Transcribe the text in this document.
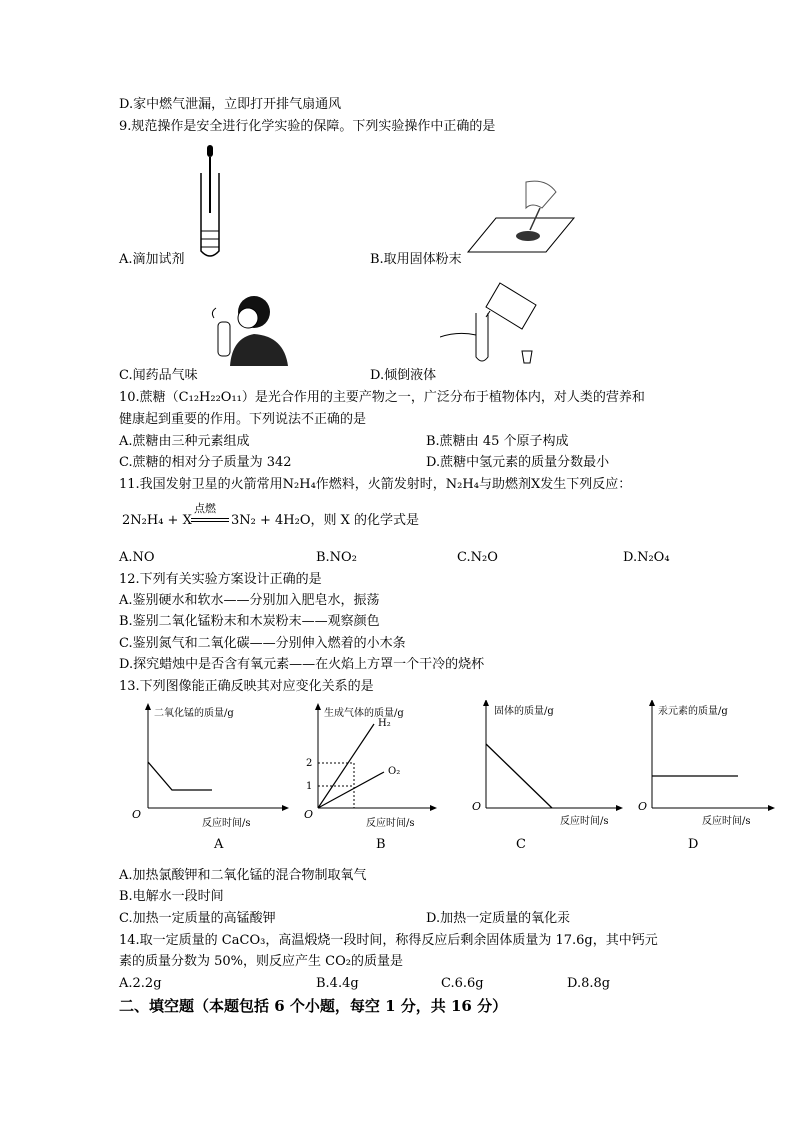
D.家中燃气泄漏，立即打开排气扇通风
9.规范操作是安全进行化学实验的保障。下列实验操作中正确的是
A.滴加试剂	B.取用固体粉末
C.闻药品气味	D.倾倒液体
10.蔗糖（C₁₂H₂₂O₁₁）是光合作用的主要产物之一，广泛分布于植物体内，对人类的营养和
健康起到重要的作用。下列说法不正确的是
A.蔗糖由三种元素组成	B.蔗糖由 45 个原子构成
C.蔗糖的相对分子质量为 342	D.蔗糖中氢元素的质量分数最小
11.我国发射卫星的火箭常用N₂H₄作燃料，火箭发射时，N₂H₄与助燃剂X发生下列反应：
2N₂H₄ + X
点燃
3N₂ + 4H₂O，则 X 的化学式是
A.NO	B.NO₂	C.N₂O	D.N₂O₄
12.下列有关实验方案设计正确的是
A.鉴别硬水和软水——分别加入肥皂水，振荡
B.鉴别二氧化锰粉末和木炭粉末——观察颜色
C.鉴别氮气和二氧化碳——分别伸入燃着的小木条
D.探究蜡烛中是否含有氧元素——在火焰上方罩一个干冷的烧杯
13.下列图像能正确反映其对应变化关系的是
二氧化锰的质量/g
反应时间/s
O
A
生成气体的质量/g
反应时间/s
O
2
1
H₂
O₂
B
固体的质量/g
反应时间/s
O
C
汞元素的质量/g
反应时间/s
O
D
A.加热氯酸钾和二氧化锰的混合物制取氧气
B.电解水一段时间
C.加热一定质量的高锰酸钾	D.加热一定质量的氧化汞
14.取一定质量的 CaCO₃，高温煅烧一段时间，称得反应后剩余固体质量为 17.6g，其中钙元
素的质量分数为 50%，则反应产生 CO₂的质量是
A.2.2g	B.4.4g	C.6.6g	D.8.8g
二、填空题（本题包括 6 个小题，每空 1 分，共 16 分）
